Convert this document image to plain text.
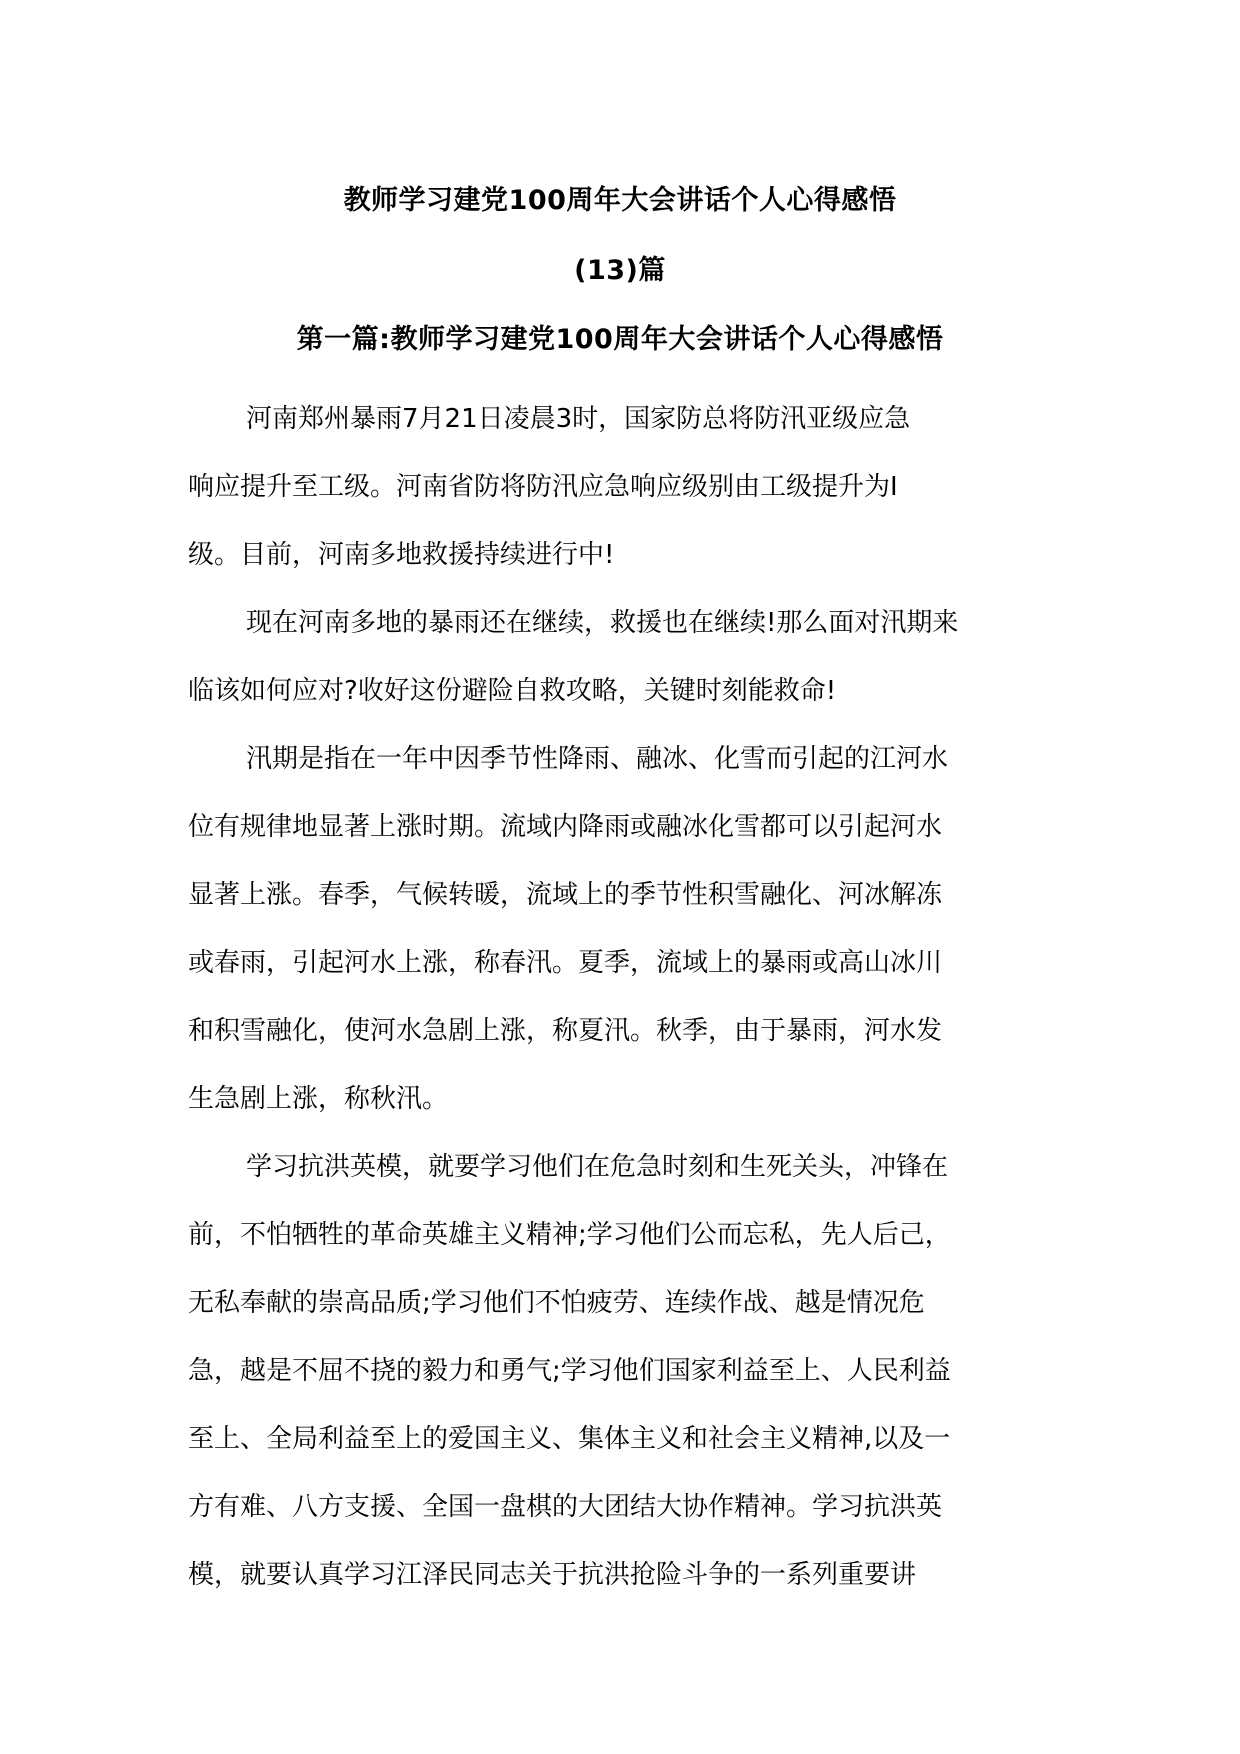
教师学习建党100周年大会讲话个人心得感悟
(13)篇
第一篇:教师学习建党100周年大会讲话个人心得感悟
河南郑州暴雨7月21日凌晨3时，国家防总将防汛亚级应急
响应提升至工级。河南省防将防汛应急响应级别由工级提升为I
级。目前，河南多地救援持续进行中!
现在河南多地的暴雨还在继续，救援也在继续!那么面对汛期来
临该如何应对?收好这份避险自救攻略，关键时刻能救命!
汛期是指在一年中因季节性降雨、融冰、化雪而引起的江河水
位有规律地显著上涨时期。流域内降雨或融冰化雪都可以引起河水
显著上涨。春季，气候转暖，流域上的季节性积雪融化、河冰解冻
或春雨，引起河水上涨，称春汛。夏季，流域上的暴雨或高山冰川
和积雪融化，使河水急剧上涨，称夏汛。秋季，由于暴雨，河水发
生急剧上涨，称秋汛。
学习抗洪英模，就要学习他们在危急时刻和生死关头，冲锋在
前，不怕牺牲的革命英雄主义精神;学习他们公而忘私，先人后己，
无私奉献的崇高品质;学习他们不怕疲劳、连续作战、越是情况危
急，越是不屈不挠的毅力和勇气;学习他们国家利益至上、人民利益
至上、全局利益至上的爱国主义、集体主义和社会主义精神,以及一
方有难、八方支援、全国一盘棋的大团结大协作精神。学习抗洪英
模，就要认真学习江泽民同志关于抗洪抢险斗争的一系列重要讲
